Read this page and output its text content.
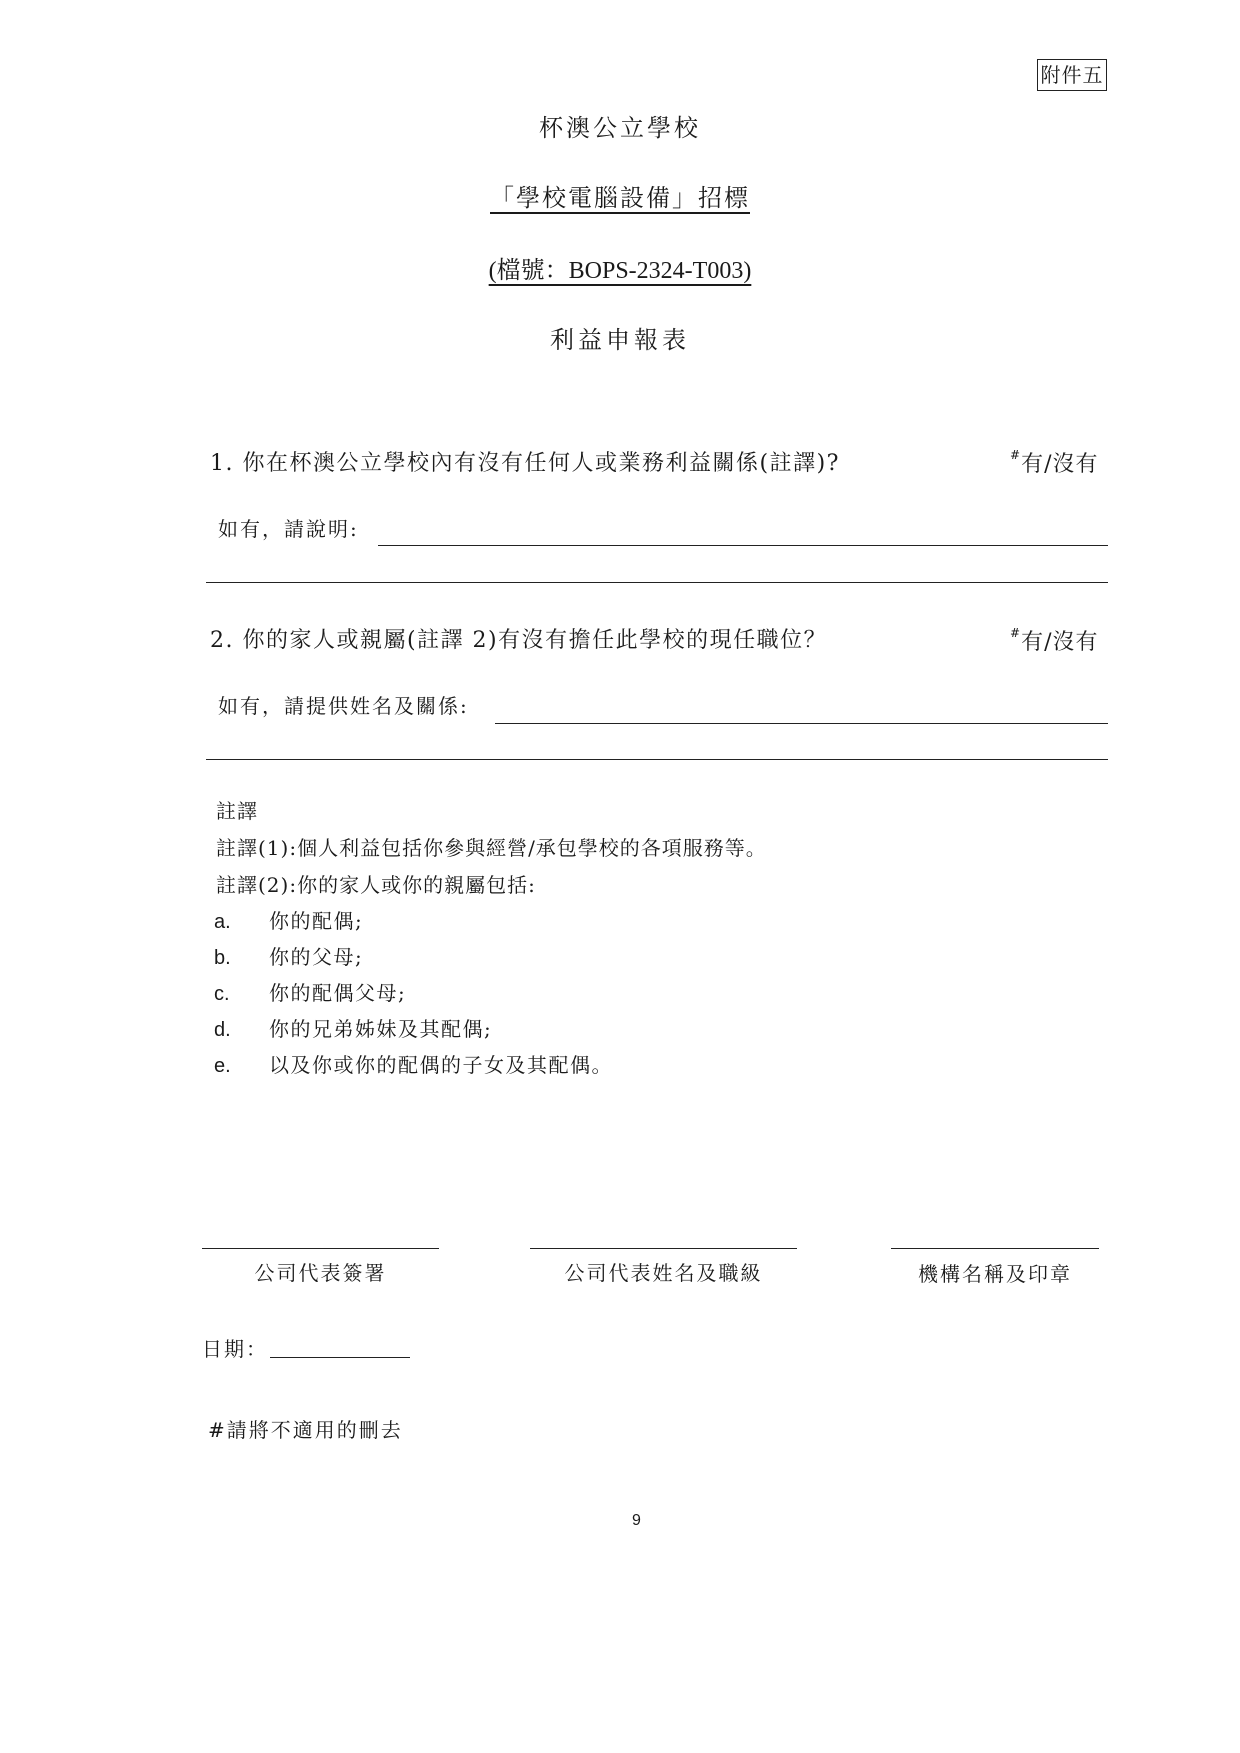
附件五
杯澳公立學校
「學校電腦設備」招標
(檔號：BOPS-2324-T003)
利益申報表
1. 你在杯澳公立學校內有沒有任何人或業務利益關係(註譯)?	#有/沒有
如有，請說明:
2. 你的家人或親屬(註譯 2)有沒有擔任此學校的現任職位？	#有/沒有
如有，請提供姓名及關係:
註譯
註譯(1):個人利益包括你參與經營/承包學校的各項服務等。
註譯(2):你的家人或你的親屬包括:
a. 你的配偶;
b. 你的父母;
c. 你的配偶父母;
d. 你的兄弟姊妹及其配偶;
e. 以及你或你的配偶的子女及其配偶。
公司代表簽署	公司代表姓名及職級	機構名稱及印章
日期：
#請將不適用的刪去
9
